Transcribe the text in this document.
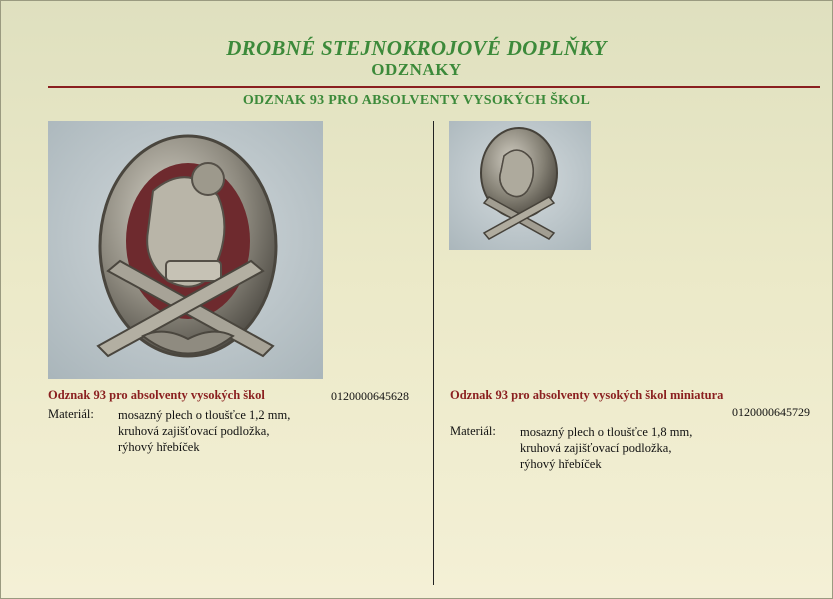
DROBNÉ STEJNOKROJOVÉ DOPLŇKY
ODZNAKY
ODZNAK 93 PRO ABSOLVENTY VYSOKÝCH ŠKOL
Odznak 93 pro absolventy vysokých škol	0120000645628
Materiál: mosazný plech o tloušťce 1,2 mm,
kruhová zajišťovací podložka,
rýhový hřebíček
Odznak 93 pro absolventy vysokých škol miniatura
0120000645729
Materiál: mosazný plech o tloušťce 1,8 mm,
kruhová zajišťovací podložka,
rýhový hřebíček
